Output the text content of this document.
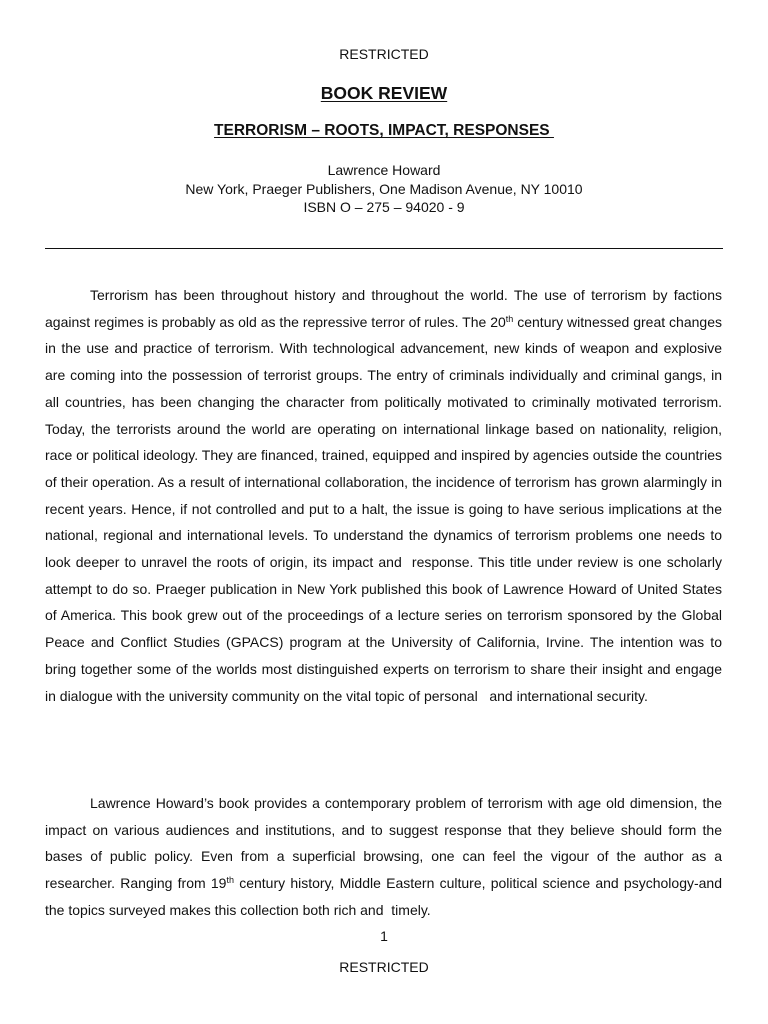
RESTRICTED
BOOK REVIEW
TERRORISM – ROOTS, IMPACT, RESPONSES
Lawrence Howard
New York, Praeger Publishers, One Madison Avenue, NY 10010
ISBN O – 275 – 94020 - 9

Terrorism has been throughout history and throughout the world. The use of terrorism by factions against regimes is probably as old as the repressive terror of rules. The 20th century witnessed great changes in the use and practice of terrorism. With technological advancement, new kinds of weapon and explosive are coming into the possession of terrorist groups. The entry of criminals individually and criminal gangs, in all countries, has been changing the character from politically motivated to criminally motivated terrorism. Today, the terrorists around the world are operating on international linkage based on nationality, religion, race or political ideology. They are financed, trained, equipped and inspired by agencies outside the countries of their operation. As a result of international collaboration, the incidence of terrorism has grown alarmingly in recent years. Hence, if not controlled and put to a halt, the issue is going to have serious implications at the national, regional and international levels. To understand the dynamics of terrorism problems one needs to look deeper to unravel the roots of origin, its impact and  response. This title under review is one scholarly attempt to do so. Praeger publication in New York published this book of Lawrence Howard of United States of America. This book grew out of the proceedings of a lecture series on terrorism sponsored by the Global Peace and Conflict Studies (GPACS) program at the University of California, Irvine. The intention was to bring together some of the worlds most distinguished experts on terrorism to share their insight and engage in dialogue with the university community on the vital topic of personal   and international security.

Lawrence Howard’s book provides a contemporary problem of terrorism with age old dimension, the impact on various audiences and institutions, and to suggest response that they believe should form the bases of public policy. Even from a superficial browsing, one can feel the vigour of the author as a   researcher. Ranging from 19th century history, Middle Eastern culture, political science and psychology-and the topics surveyed makes this collection both rich and  timely.

1
RESTRICTED
